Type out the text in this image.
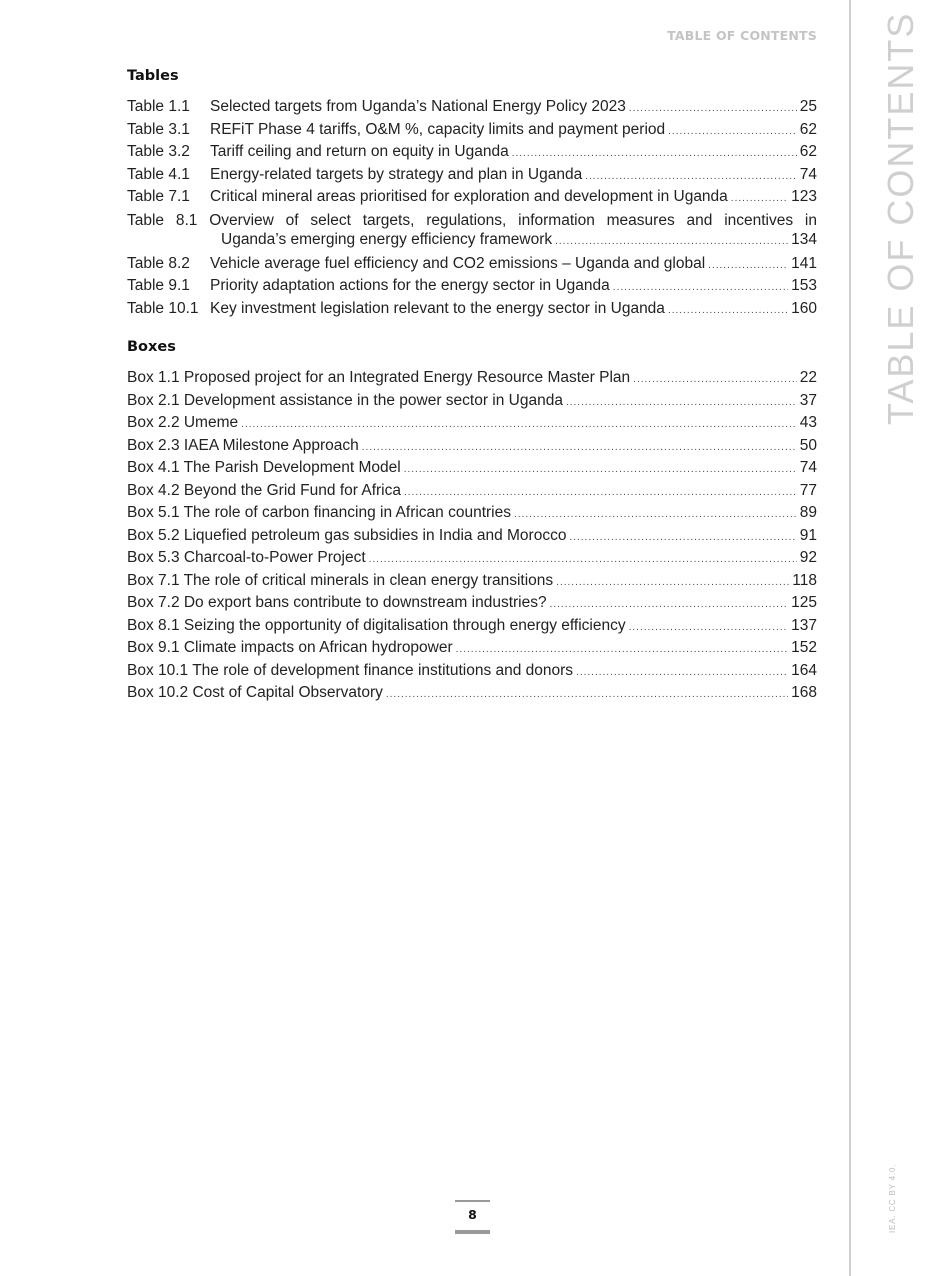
TABLE OF CONTENTS TABLE OF CONTENTS
IEA. CC BY 4.0.
Tables
Table 1.1	Selected targets from Uganda’s National Energy Policy 2023 .....	25
Table 3.1	REFiT Phase 4 tariffs, O&M %, capacity limits and payment period .....	62
Table 3.2	Tariff ceiling and return on equity in Uganda .....	62
Table 4.1	Energy-related targets by strategy and plan in Uganda .....	74
Table 7.1	Critical mineral areas prioritised for exploration and development in Uganda .....	123
Table 8.1 Overview of select targets, regulations, information measures and incentives in
Uganda’s emerging energy efficiency framework .....	134
Table 8.2	Vehicle average fuel efficiency and CO2 emissions – Uganda and global .....	141
Table 9.1	Priority adaptation actions for the energy sector in Uganda .....	153
Table 10.1 Key investment legislation relevant to the energy sector in Uganda .....	160
Boxes
Box 1.1 Proposed project for an Integrated Energy Resource Master Plan .....	22
Box 2.1 Development assistance in the power sector in Uganda .....	37
Box 2.2 Umeme .....	43
Box 2.3 IAEA Milestone Approach .....	50
Box 4.1 The Parish Development Model .....	74
Box 4.2 Beyond the Grid Fund for Africa .....	77
Box 5.1 The role of carbon financing in African countries .....	89
Box 5.2 Liquefied petroleum gas subsidies in India and Morocco .....	91
Box 5.3 Charcoal-to-Power Project .....	92
Box 7.1 The role of critical minerals in clean energy transitions .....	118
Box 7.2 Do export bans contribute to downstream industries? .....	125
Box 8.1 Seizing the opportunity of digitalisation through energy efficiency .....	137
Box 9.1 Climate impacts on African hydropower .....	152
Box 10.1 The role of development finance institutions and donors .....	164
Box 10.2 Cost of Capital Observatory .....	168
8
